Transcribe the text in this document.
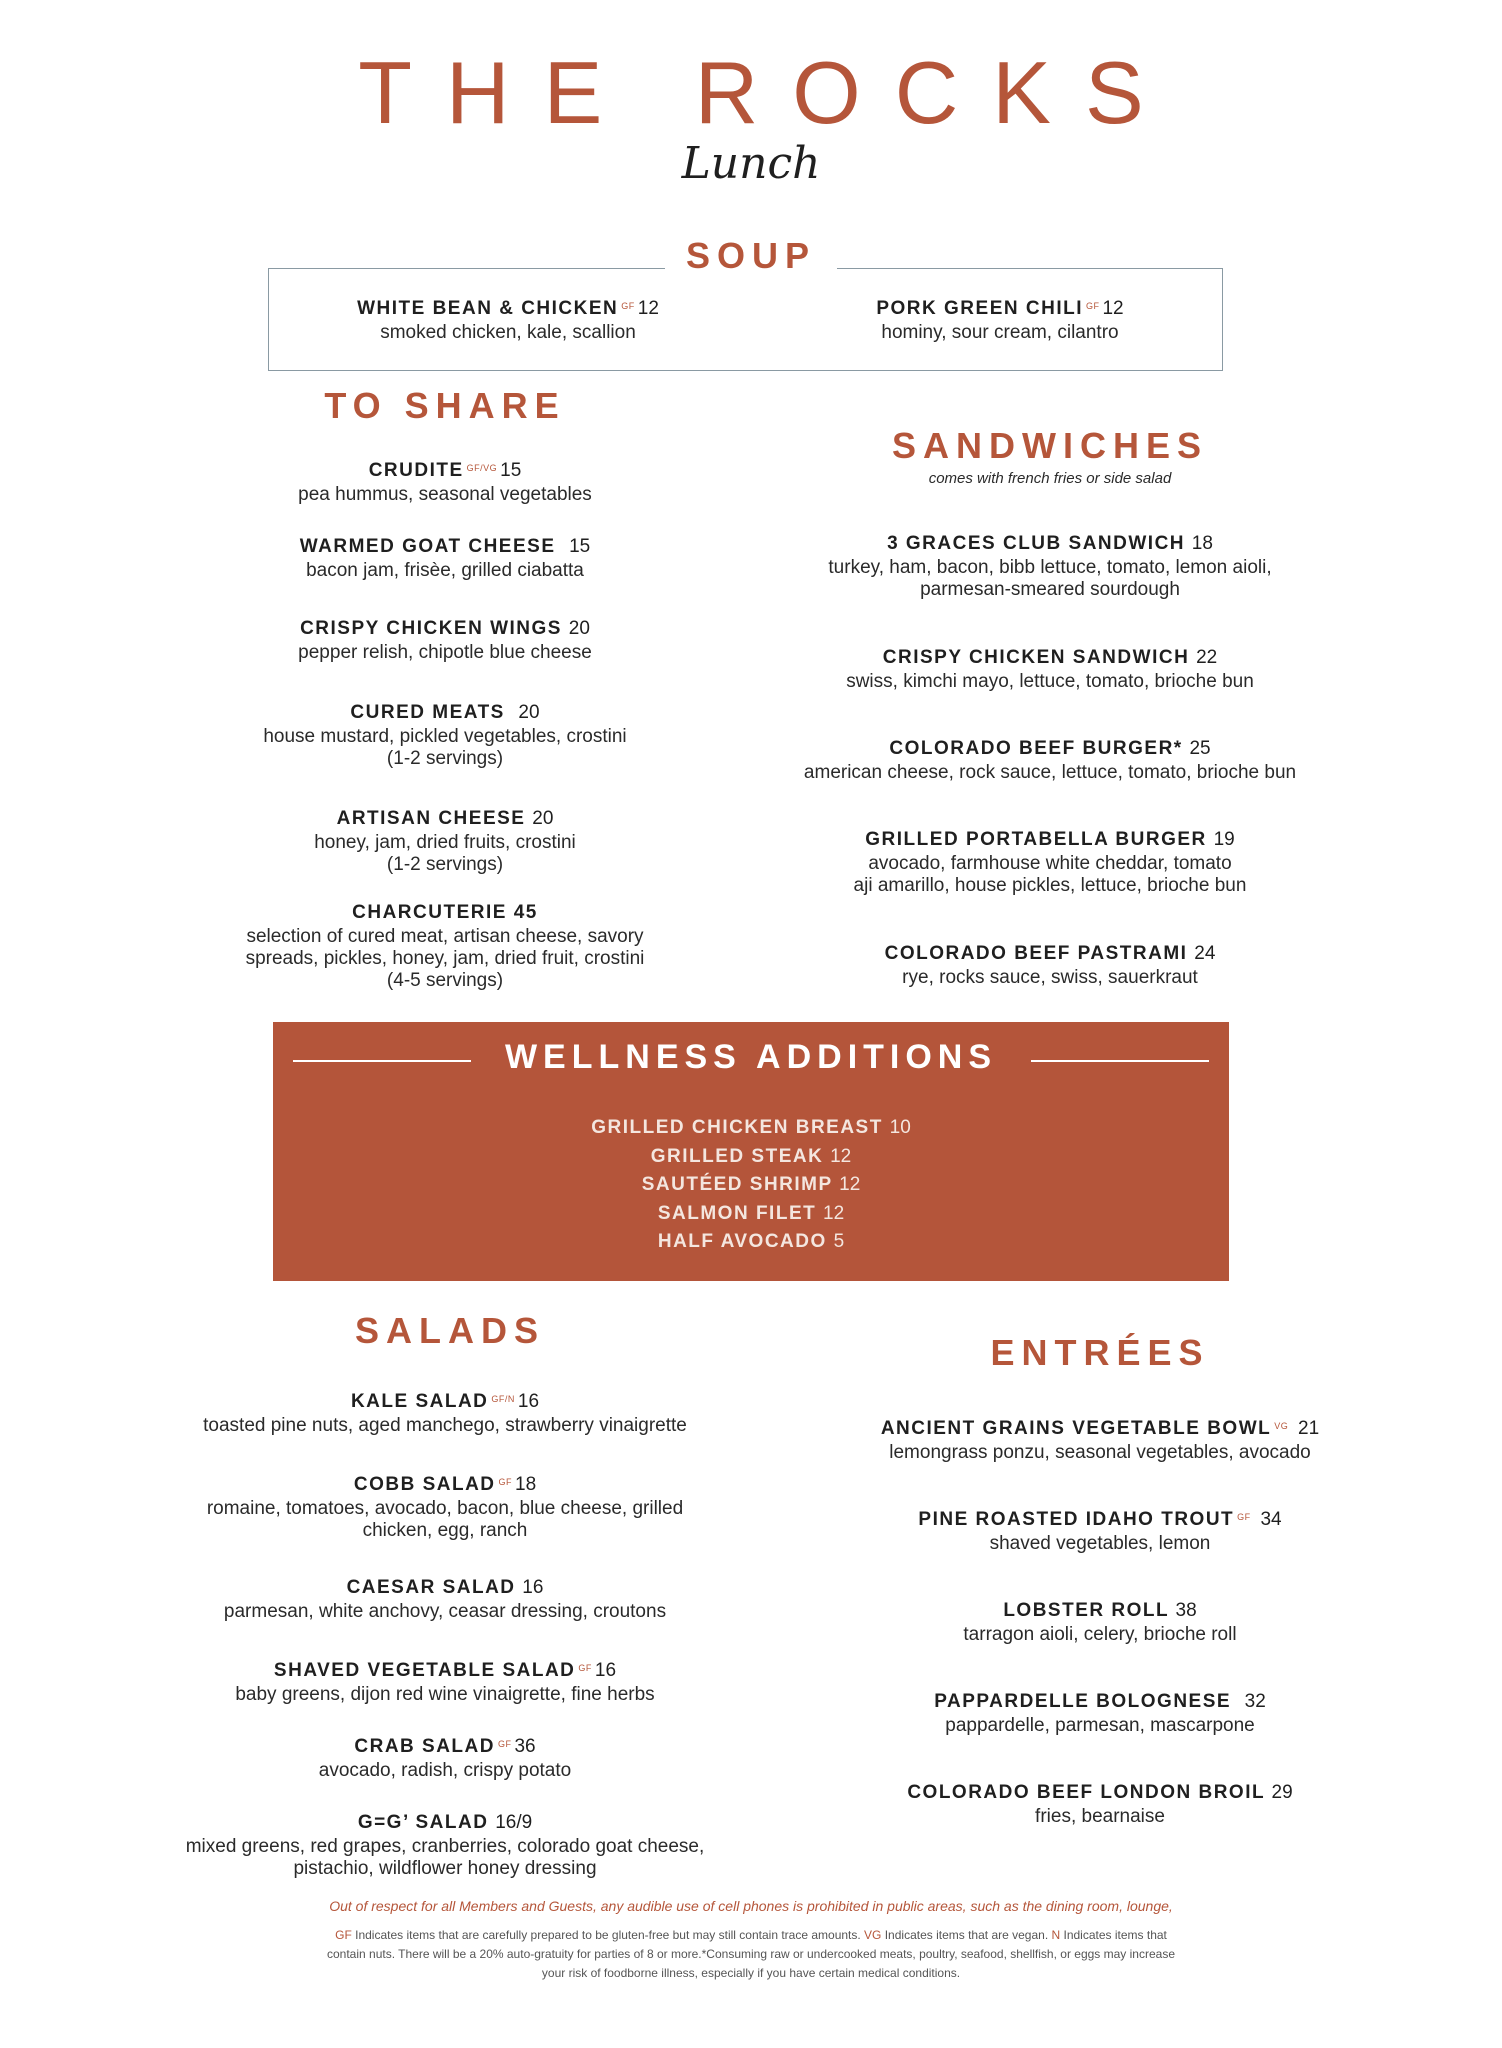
THE ROCKS
Lunch
SOUP
WHITE BEAN & CHICKEN $^{GF}$ 12
smoked chicken, kale, scallion
PORK GREEN CHILI $^{GF}$ 12
hominy, sour cream, cilantro
TO SHARE
CRUDITE $^{GF/VG}$ 15
pea hummus, seasonal vegetables
WARMED GOAT CHEESE 15
bacon jam, frisèe, grilled ciabatta
CRISPY CHICKEN WINGS 20
pepper relish, chipotle blue cheese
CURED MEATS 20
house mustard, pickled vegetables, crostini
(1-2 servings)
ARTISAN CHEESE 20
honey, jam, dried fruits, crostini
(1-2 servings)
CHARCUTERIE 45
selection of cured meat, artisan cheese, savory
spreads, pickles, honey, jam, dried fruit, crostini
(4-5 servings)
SANDWICHES
comes with french fries or side salad
3 GRACES CLUB SANDWICH 18
turkey, ham, bacon, bibb lettuce, tomato, lemon aioli,
parmesan-smeared sourdough
CRISPY CHICKEN SANDWICH 22
swiss, kimchi mayo, lettuce, tomato, brioche bun
COLORADO BEEF BURGER* 25
american cheese, rock sauce, lettuce, tomato, brioche bun
GRILLED PORTABELLA BURGER 19
avocado, farmhouse white cheddar, tomato
aji amarillo, house pickles, lettuce, brioche bun
COLORADO BEEF PASTRAMI 24
rye, rocks sauce, swiss, sauerkraut
WELLNESS ADDITIONS
GRILLED CHICKEN BREAST 10
GRILLED STEAK 12
SAUTÉED SHRIMP 12
SALMON FILET 12
HALF AVOCADO 5
SALADS
KALE SALAD $^{GF/N}$ 16
toasted pine nuts, aged manchego, strawberry vinaigrette
COBB SALAD $^{GF}$ 18
romaine, tomatoes, avocado, bacon, blue cheese, grilled
chicken, egg, ranch
CAESAR SALAD 16
parmesan, white anchovy, ceasar dressing, croutons
SHAVED VEGETABLE SALAD $^{GF}$ 16
baby greens, dijon red wine vinaigrette, fine herbs
CRAB SALAD $^{GF}$ 36
avocado, radish, crispy potato
G=G’ SALAD 16/9
mixed greens, red grapes, cranberries, colorado goat cheese,
pistachio, wildflower honey dressing
ENTRÉES
ANCIENT GRAINS VEGETABLE BOWL $^{VG}$ 21
lemongrass ponzu, seasonal vegetables, avocado
PINE ROASTED IDAHO TROUT $^{GF}$ 34
shaved vegetables, lemon
LOBSTER ROLL 38
tarragon aioli, celery, brioche roll
PAPPARDELLE BOLOGNESE 32
pappardelle, parmesan, mascarpone
COLORADO BEEF LONDON BROIL 29
fries, bearnaise
Out of respect for all Members and Guests, any audible use of cell phones is prohibited in public areas, such as the dining room, lounge,
GF Indicates items that are carefully prepared to be gluten-free but may still contain trace amounts. VG Indicates items that are vegan. N Indicates items that
contain nuts. There will be a 20% auto-gratuity for parties of 8 or more.*Consuming raw or undercooked meats, poultry, seafood, shellfish, or eggs may increase
your risk of foodborne illness, especially if you have certain medical conditions.
